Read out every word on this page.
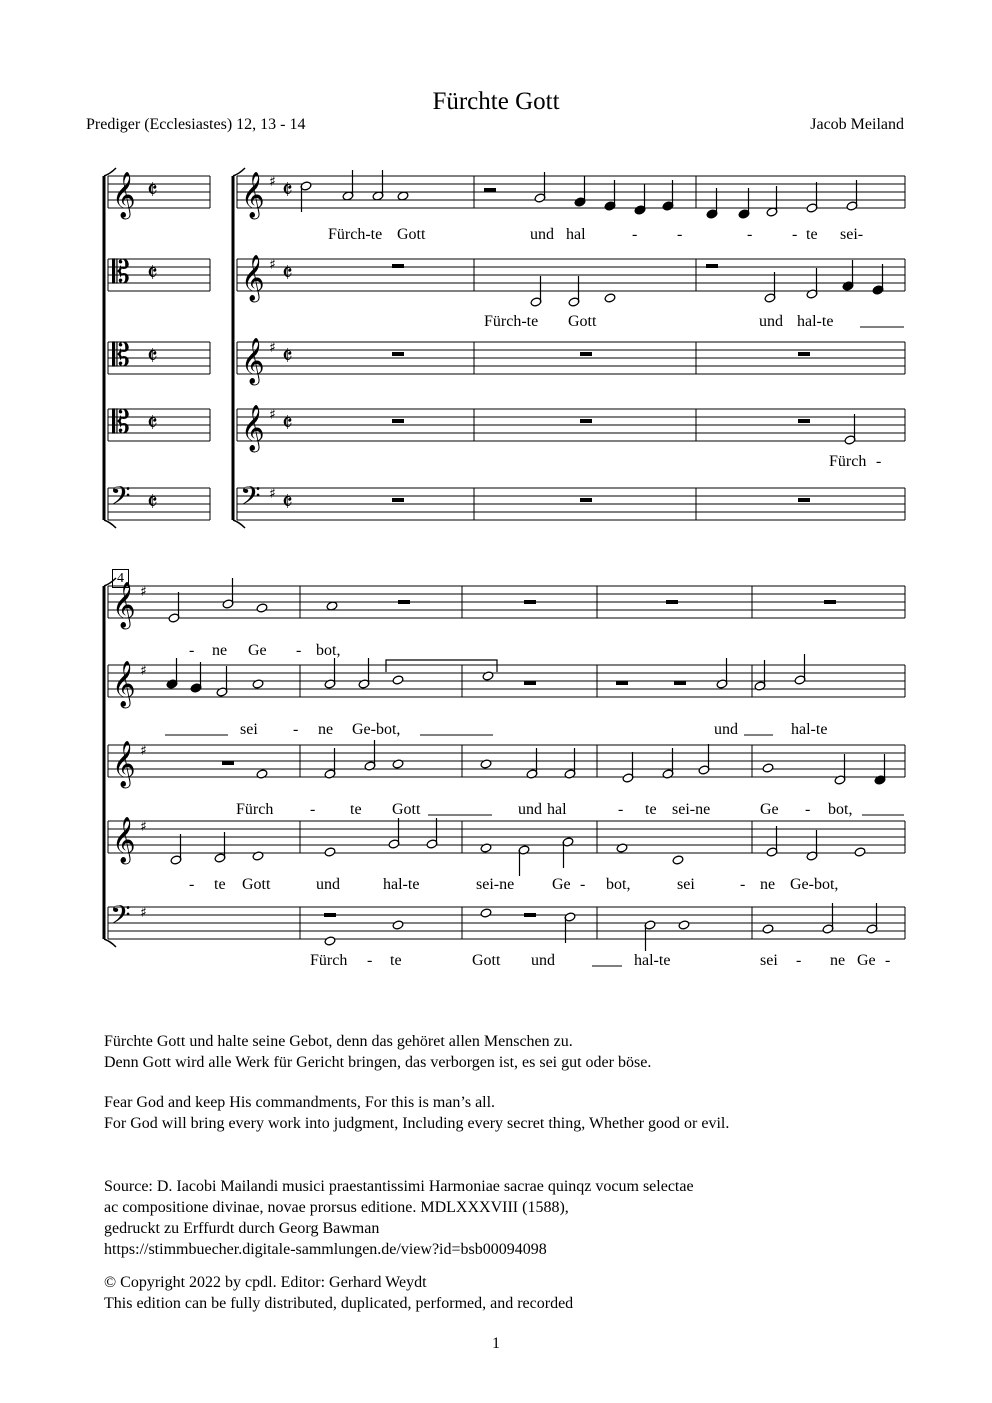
Fürchte Gott
Prediger (Ecclesiastes) 12, 13 - 14	Jacob Meiland
4
𝄞
𝄡
𝄡
𝄡
𝄢
𝄞
𝄞
𝄞
𝄞
𝄢
𝄞
𝄞
𝄞
𝄞
𝄢
𝄵	♯ 𝄵
𝄵	♯ 𝄵
𝄵	♯ 𝄵
𝄵	♯ 𝄵
𝄵	♯ 𝄵
♯
♯
♯
♯
♯
Fürch-te Gott	und hal	- -	- - te sei-
Fürch-te Gott	und hal-te
Fürch -
- ne Ge - bot,
sei - ne Ge-bot,	und	hal-te
Fürch - te Gott	und hal	- te sei-ne	Ge - bot,
- te Gott	und	hal-te	sei-ne Ge - bot,	sei	- ne Ge-bot,
Fürch - te	Gott und	hal-te	sei - ne Ge -
Fürchte Gott und halte seine Gebot, denn das gehöret allen Menschen zu.
Denn Gott wird alle Werk für Gericht bringen, das verborgen ist, es sei gut oder böse.
Fear God and keep His commandments, For this is man’s all.
For God will bring every work into judgment, Including every secret thing, Whether good or evil.
Source: D. Iacobi Mailandi musici praestantissimi Harmoniae sacrae quinqz vocum selectae
ac compositione divinae, novae prorsus editione. MDLXXXVIII (1588),
gedruckt zu Erffurdt durch Georg Bawman
https://stimmbuecher.digitale-sammlungen.de/view?id=bsb00094098
© Copyright 2022 by cpdl. Editor: Gerhard Weydt
This edition can be fully distributed, duplicated, performed, and recorded
1
